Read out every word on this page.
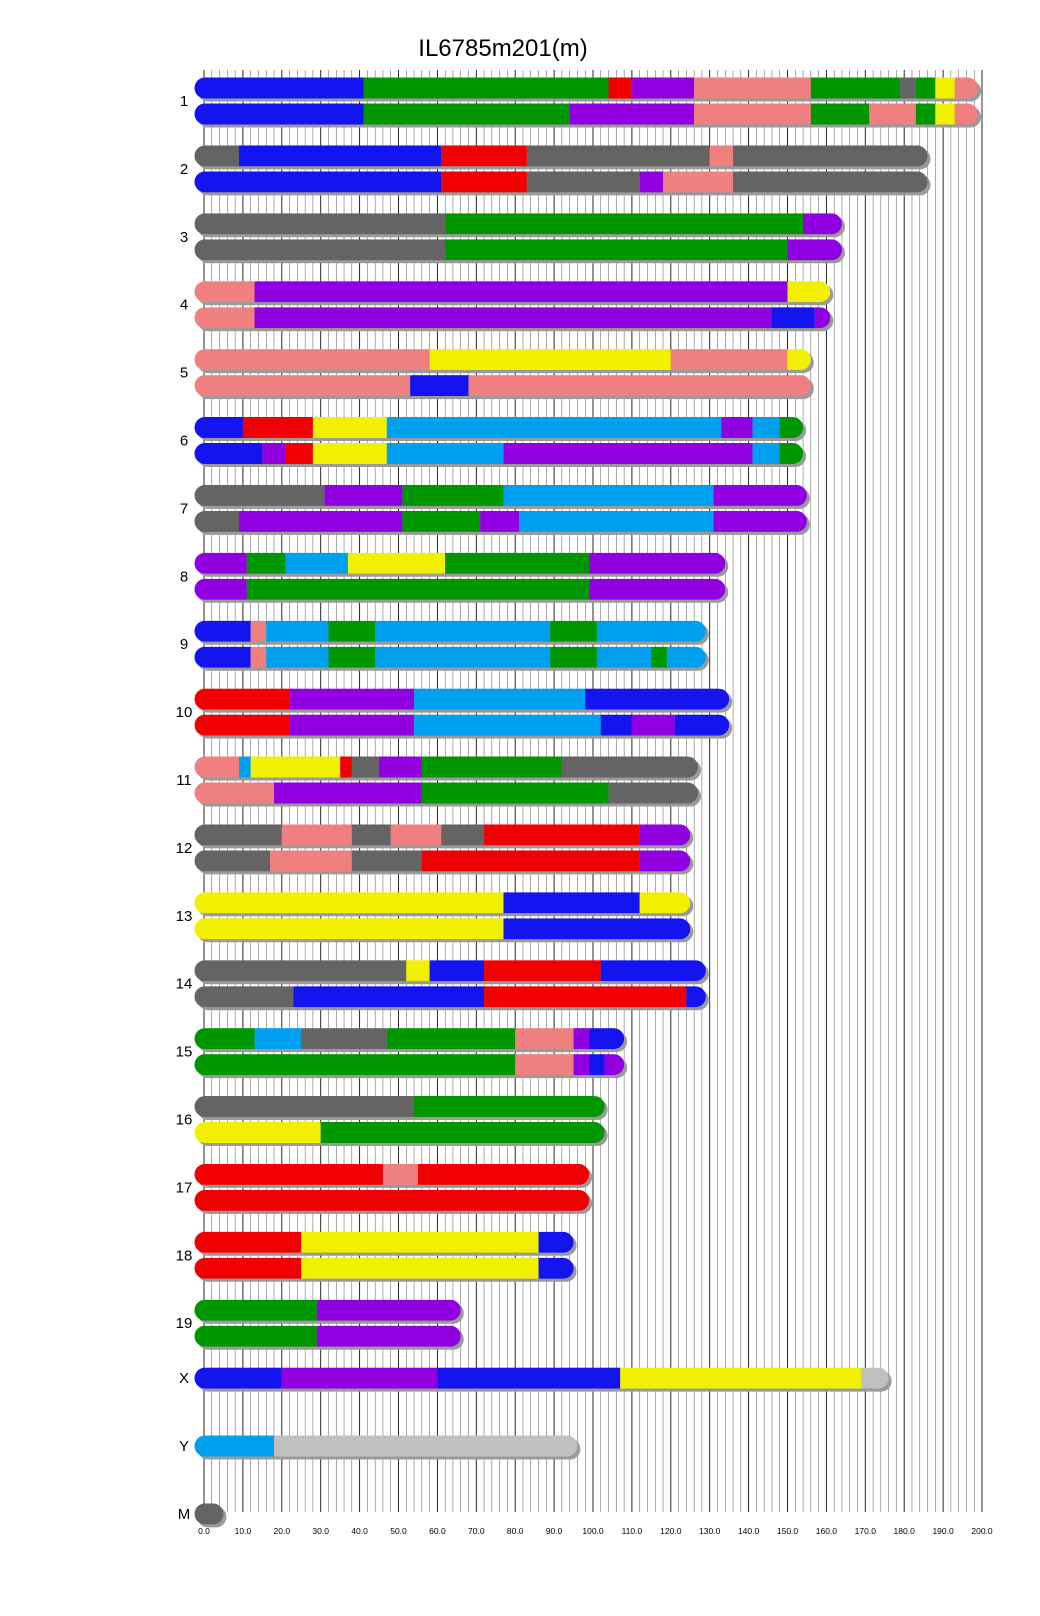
IL6785m201(m)
1
2
3
4
5
6
7
8
9
10
11
12
13
14
15
16
17
18
19
X
Y
M
0.0	10.0	20.0	30.0	40.0	50.0	60.0	70.0	80.0	90.0 100.0 110.0 120.0 130.0 140.0 150.0 160.0 170.0 180.0 190.0 200.0
